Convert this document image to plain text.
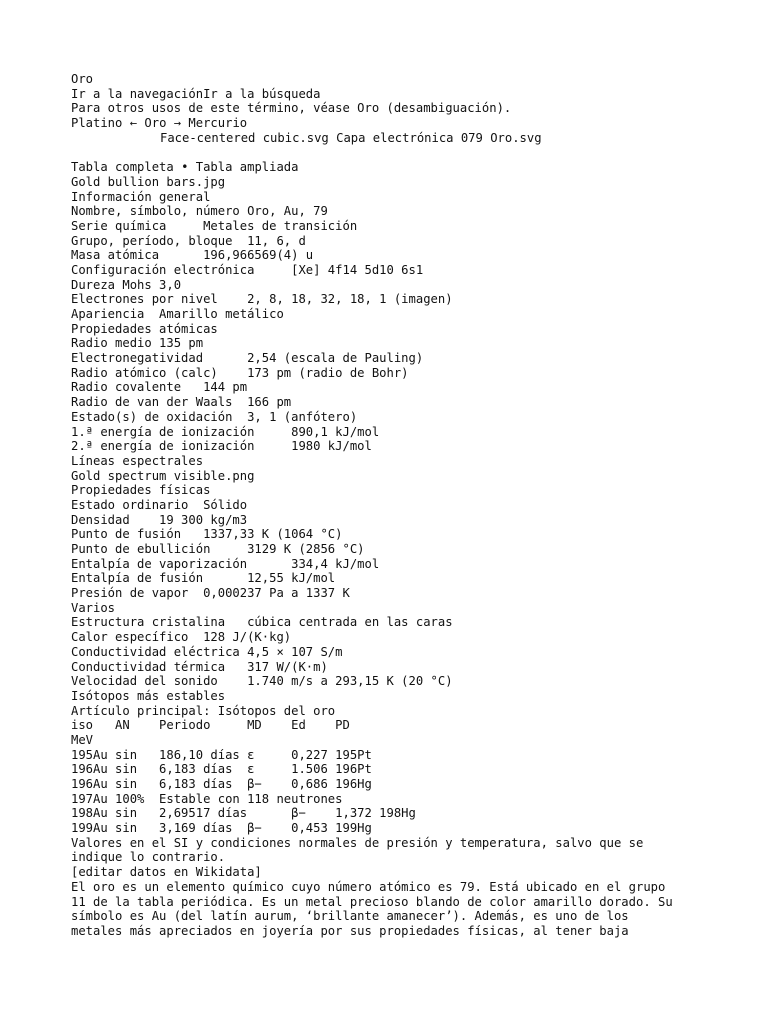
Oro
Ir a la navegaciónIr a la búsqueda
Para otros usos de este término, véase Oro (desambiguación).
Platino ← Oro → Mercurio
Face-centered cubic.svg Capa electrónica 079 Oro.svg
Tabla completa • Tabla ampliada
Gold bullion bars.jpg
Información general
Nombre, símbolo, número Oro, Au, 79
Serie química     Metales de transición
Grupo, período, bloque  11, 6, d
Masa atómica      196,966569(4) u
Configuración electrónica     [Xe] 4f14 5d10 6s1
Dureza Mohs 3,0
Electrones por nivel    2, 8, 18, 32, 18, 1 (imagen)
Apariencia  Amarillo metálico
Propiedades atómicas
Radio medio 135 pm
Electronegatividad      2,54 (escala de Pauling)
Radio atómico (calc)    173 pm (radio de Bohr)
Radio covalente   144 pm
Radio de van der Waals  166 pm
Estado(s) de oxidación  3, 1 (anfótero)
1.ª energía de ionización     890,1 kJ/mol
2.ª energía de ionización     1980 kJ/mol
Líneas espectrales
Gold spectrum visible.png
Propiedades físicas
Estado ordinario  Sólido
Densidad    19 300 kg/m3
Punto de fusión   1337,33 K (1064 °C)
Punto de ebullición     3129 K (2856 °C)
Entalpía de vaporización      334,4 kJ/mol
Entalpía de fusión      12,55 kJ/mol
Presión de vapor  0,000237 Pa a 1337 K
Varios
Estructura cristalina   cúbica centrada en las caras
Calor específico  128 J/(K·kg)
Conductividad eléctrica 4,5 × 107 S/m
Conductividad térmica   317 W/(K·m)
Velocidad del sonido    1.740 m/s a 293,15 K (20 °C)
Isótopos más estables
Artículo principal: Isótopos del oro
iso   AN    Periodo     MD    Ed    PD
MeV
195Au sin   186,10 días ε     0,227 195Pt
196Au sin   6,183 días  ε     1.506 196Pt
196Au sin   6,183 días  β−    0,686 196Hg
197Au 100%  Estable con 118 neutrones
198Au sin   2,69517 días      β−    1,372 198Hg
199Au sin   3,169 días  β−    0,453 199Hg
Valores en el SI y condiciones normales de presión y temperatura, salvo que se
indique lo contrario.
[editar datos en Wikidata]
El oro es un elemento químico cuyo número atómico es 79. Está ubicado en el grupo
11 de la tabla periódica. Es un metal precioso blando de color amarillo dorado. Su
símbolo es Au (del latín aurum, ‘brillante amanecer’). Además, es uno de los
metales más apreciados en joyería por sus propiedades físicas, al tener baja
